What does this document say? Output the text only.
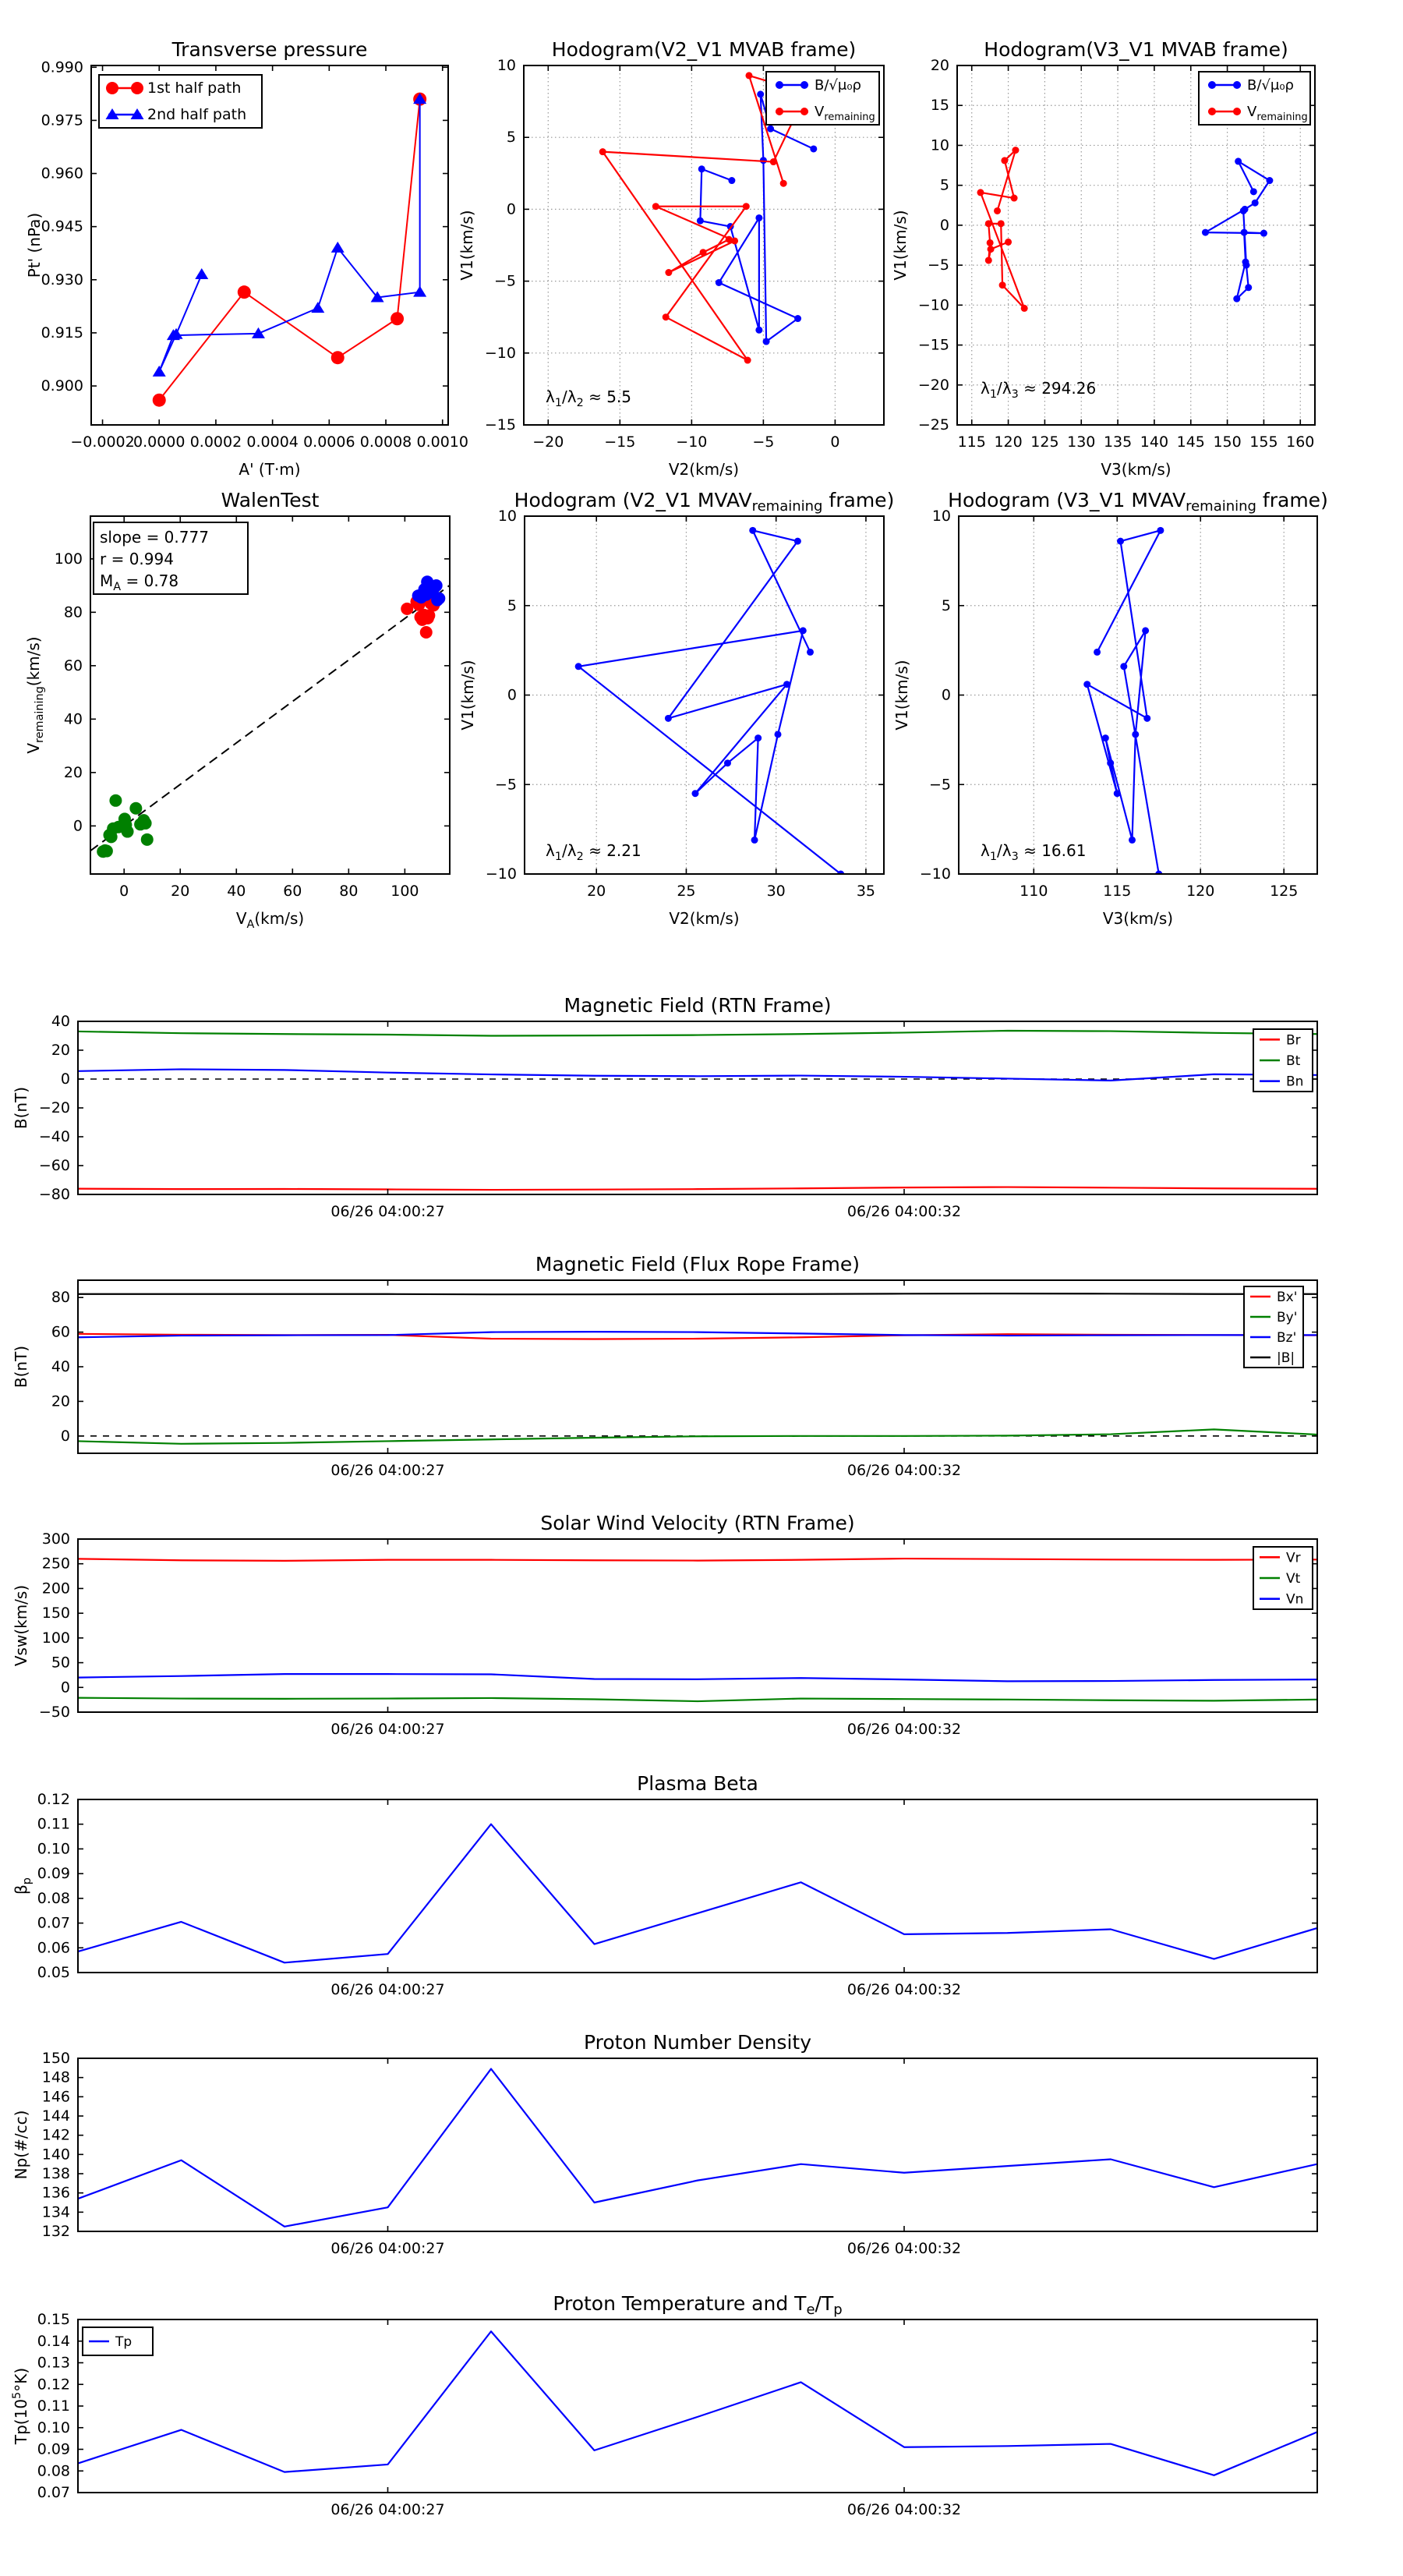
−0.0002
0.0000 0.0002 0.0004 0.0006 0.0008 0.0010
0.900
0.915
0.930
0.945
0.960
0.975
0.990
Transverse pressure
A' (T·m)
Pt' (nPa)
1st half path
2nd half path
−20	−15	−10	−5	0
−15
−10
−5
0
5
10
Hodogram(V2_V1 MVAB frame)
V2(km/s)
V1(km/s)
$\lambda_1/\lambda_2 \approx 5.5$
B/√μ₀ρ
$V_{remaining}$
115 120 125 130 135 140 145 150 155 160
−25
−20
−15
−10
−5
0
5
10
15
20
Hodogram(V3_V1 MVAB frame)
V3(km/s)
V1(km/s)
$\lambda_1/\lambda_3 \approx 294.26$
B/√μ₀ρ
$V_{remaining}$
0	20	40	60	80 100
0
20
40
60
80
100
WalenTest
$V_A(km/s)$
$V_{remaining}(km/s)$
slope = 0.777
r = 0.994
$M_A = 0.78$
20	25	30	35
−10
−5
0
5
10
Hodogram (V2_V1 $MVAV_{remaining}$ frame)
V2(km/s)
V1(km/s)
$\lambda_1/\lambda_2 \approx 2.21$
110	115	120	125
−10
−5
0
5
10
Hodogram (V3_V1 $MVAV_{remaining}$ frame)
V3(km/s)
V1(km/s)
$\lambda_1/\lambda_3 \approx 16.61$
06/26 04:00:27	06/26 04:00:32
−80
−60
−40
−20
0
20
40
Magnetic Field (RTN Frame)
B(nT)
Br
Bt
Bn
06/26 04:00:27	06/26 04:00:32
0
20
40
60
80
Magnetic Field (Flux Rope Frame)
B(nT)
Bx'
By'
Bz'
|B|
06/26 04:00:27	06/26 04:00:32
−50
0
50
100
150
200
250
300
Solar Wind Velocity (RTN Frame)
Vsw(km/s)
Vr
Vt
Vn
06/26 04:00:27	06/26 04:00:32
0.05
0.06
0.07
0.08
0.09
0.10
0.11
0.12
Plasma Beta
$\beta_p$
06/26 04:00:27	06/26 04:00:32
132
134
136
138
140
142
144
146
148
150
Proton Number Density
Np(#/cc)
06/26 04:00:27	06/26 04:00:32
0.07
0.08
0.09
0.10
0.11
0.12
0.13
0.14
0.15
Proton Temperature and $T_e/T_p$
$Tp(10^5^\circ K)$
Tp
